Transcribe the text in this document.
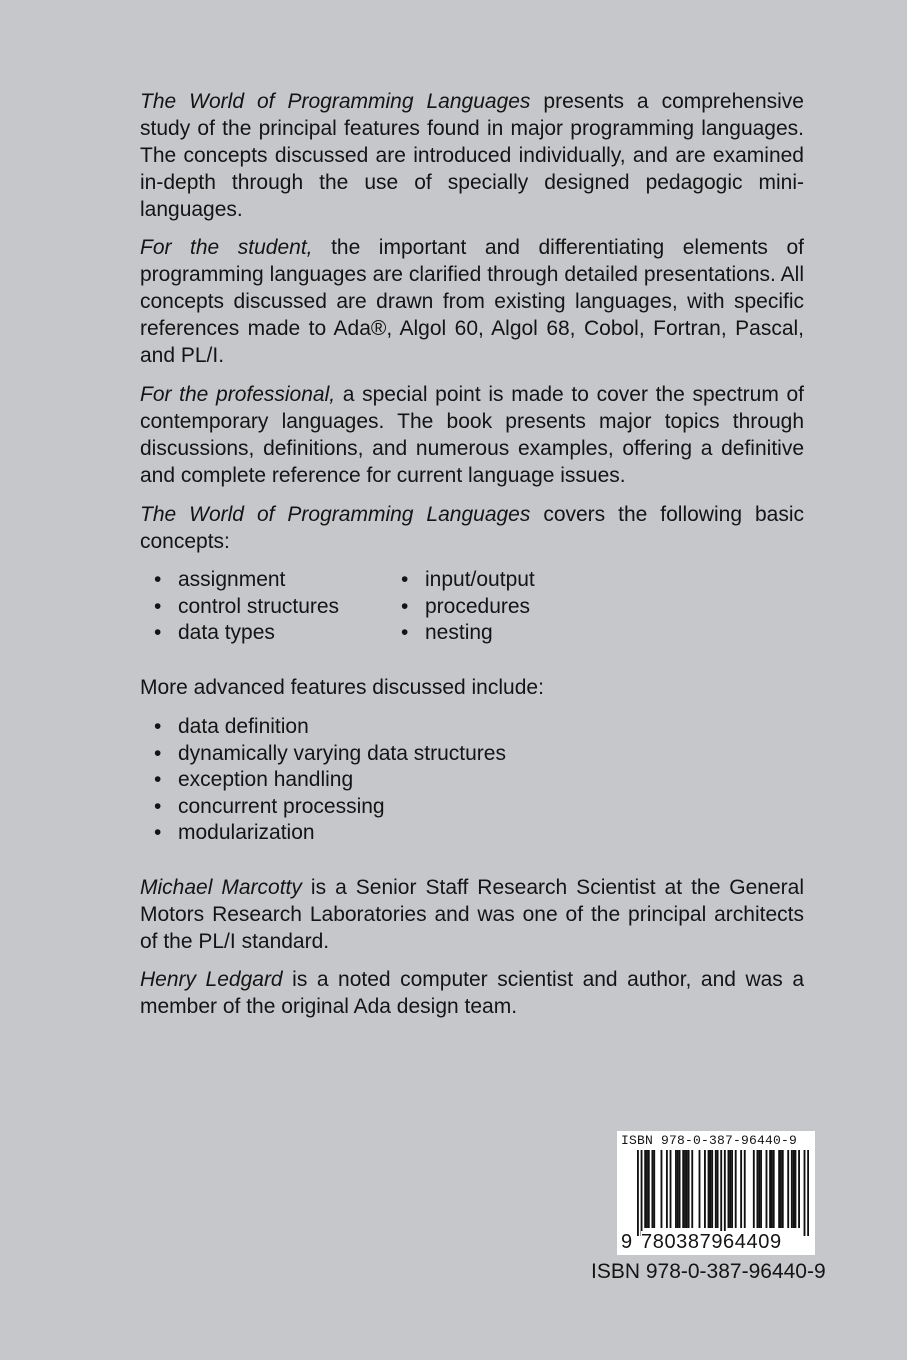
The World of Programming Languages presents a comprehensive study of the principal features found in major programming languages. The concepts discussed are introduced individually, and are examined in-depth through the use of specially designed pedagogic mini-languages.

For the student, the important and differentiating elements of programming languages are clarified through detailed presentations. All concepts discussed are drawn from existing languages, with specific references made to Ada®, Algol 60, Algol 68, Cobol, Fortran, Pascal, and PL/I.

For the professional, a special point is made to cover the spectrum of contemporary languages. The book presents major topics through discussions, definitions, and numerous examples, offering a definitive and complete reference for current language issues.

The World of Programming Languages covers the following basic concepts:

• assignment
• control structures
• data types
• input/output
• procedures
• nesting

More advanced features discussed include:

• data definition
• dynamically varying data structures
• exception handling
• concurrent processing
• modularization

Michael Marcotty is a Senior Staff Research Scientist at the General Motors Research Laboratories and was one of the principal architects of the PL/I standard.

Henry Ledgard is a noted computer scientist and author, and was a member of the original Ada design team.

ISBN 978-0-387-96440-9
9 780387964409
ISBN 978-0-387-96440-9
